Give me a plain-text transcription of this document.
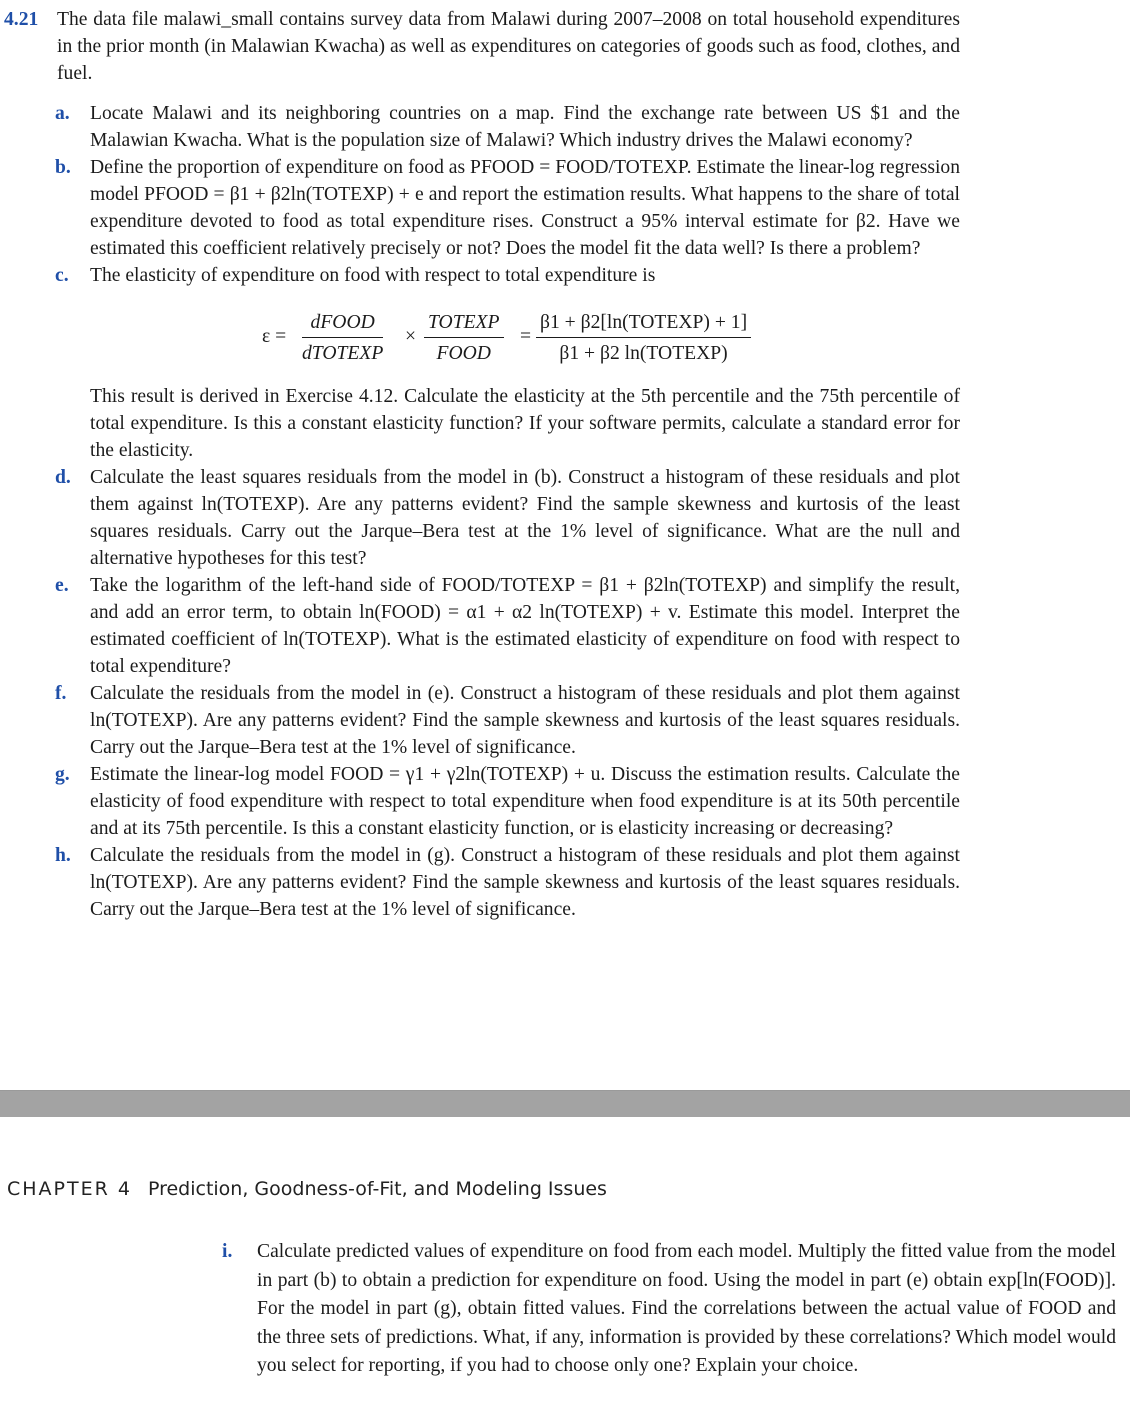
4.21 The data file malawi_small contains survey data from Malawi during 2007–2008 on total household expenditures in the prior month (in Malawian Kwacha) as well as expenditures on categories of goods such as food, clothes, and fuel.
a.	Locate Malawi and its neighboring countries on a map. Find the exchange rate between US $1 and the Malawian Kwacha. What is the population size of Malawi? Which industry drives the Malawi economy?
b. Define the proportion of expenditure on food as PFOOD = FOOD/TOTEXP. Estimate the linear-log regression model PFOOD = β1 + β2ln(TOTEXP) + e and report the estimation results. What happens to the share of total expenditure devoted to food as total expenditure rises. Construct a 95% interval estimate for β2. Have we estimated this coefficient relatively precisely or not? Does the model fit the data well? Is there a problem?
c.	The elasticity of expenditure on food with respect to total expenditure is
ε =
dFOOD
dTOTEXP
×
TOTEXP
FOOD
=
β1 + β2[ln(TOTEXP) + 1]
β1 + β2 ln(TOTEXP)
This result is derived in Exercise 4.12. Calculate the elasticity at the 5th percentile and the 75th percentile of total expenditure. Is this a constant elasticity function? If your software permits, calculate a standard error for the elasticity.
d. Calculate the least squares residuals from the model in (b). Construct a histogram of these residuals and plot them against ln(TOTEXP). Are any patterns evident? Find the sample skewness and kurtosis of the least squares residuals. Carry out the Jarque–Bera test at the 1% level of significance. What are the null and alternative hypotheses for this test?
e.	Take the logarithm of the left-hand side of FOOD/TOTEXP = β1 + β2ln(TOTEXP) and simplify the result, and add an error term, to obtain ln(FOOD) = α1 + α2 ln(TOTEXP) + v. Estimate this model. Interpret the estimated coefficient of ln(TOTEXP). What is the estimated elasticity of expenditure on food with respect to total expenditure?
f.	Calculate the residuals from the model in (e). Construct a histogram of these residuals and plot them against ln(TOTEXP). Are any patterns evident? Find the sample skewness and kurtosis of the least squares residuals. Carry out the Jarque–Bera test at the 1% level of significance.
g.	Estimate the linear-log model FOOD = γ1 + γ2ln(TOTEXP) + u. Discuss the estimation results. Calculate the elasticity of food expenditure with respect to total expenditure when food expenditure is at its 50th percentile and at its 75th percentile. Is this a constant elasticity function, or is elasticity increasing or decreasing?
h. Calculate the residuals from the model in (g). Construct a histogram of these residuals and plot them against ln(TOTEXP). Are any patterns evident? Find the sample skewness and kurtosis of the least squares residuals. Carry out the Jarque–Bera test at the 1% level of significance.
CHAPTER 4 Prediction, Goodness-of-Fit, and Modeling Issues
i.	Calculate predicted values of expenditure on food from each model. Multiply the fitted value from the model in part (b) to obtain a prediction for expenditure on food. Using the model in part (e) obtain exp[ln(FOOD)]. For the model in part (g), obtain fitted values. Find the correlations between the actual value of FOOD and the three sets of predictions. What, if any, information is provided by these correlations? Which model would you select for reporting, if you had to choose only one? Explain your choice.
